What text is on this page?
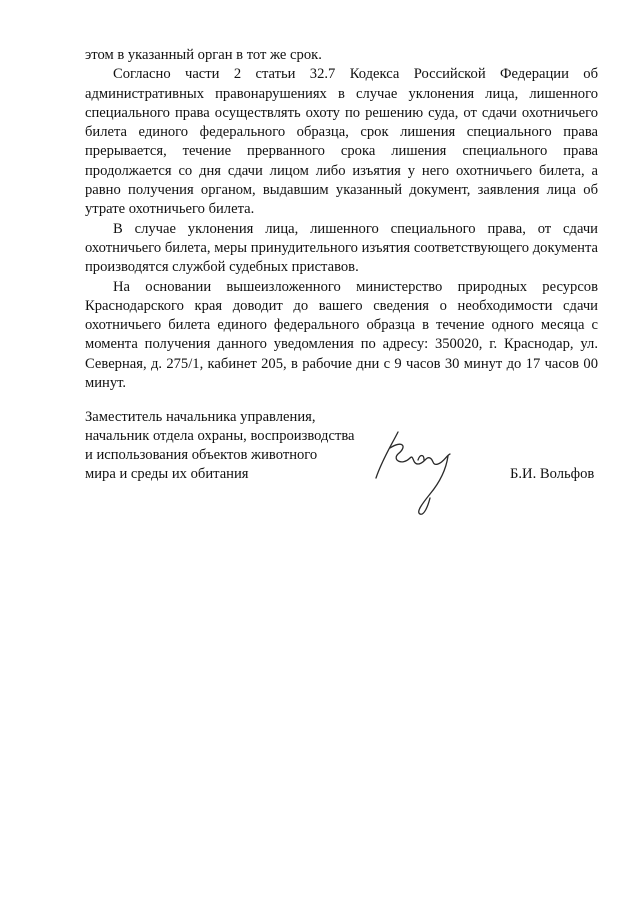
этом в указанный орган в тот же срок.

Согласно части 2 статьи 32.7 Кодекса Российской Федерации об административных правонарушениях в случае уклонения лица, лишенного специального права осуществлять охоту по решению суда, от сдачи охотничьего билета единого федерального образца, срок лишения специального права прерывается, течение прерванного срока лишения специального права продолжается со дня сдачи лицом либо изъятия у него охотничьего билета, а равно получения органом, выдавшим указанный документ, заявления лица об утрате охотничьего билета.

В случае уклонения лица, лишенного специального права, от сдачи охотничьего билета, меры принудительного изъятия соответствующего документа производятся службой судебных приставов.

На основании вышеизложенного министерство природных ресурсов Краснодарского края доводит до вашего сведения о необходимости сдачи охотничьего билета единого федерального образца в течение одного месяца с момента получения данного уведомления по адресу: 350020, г. Краснодар, ул. Северная, д. 275/1, кабинет 205, в рабочие дни с 9 часов 30 минут до 17 часов 00 минут.

Заместитель начальника управления,
начальник отдела охраны, воспроизводства
и использования объектов животного
мира и среды их обитания	Б.И. Вольфов
